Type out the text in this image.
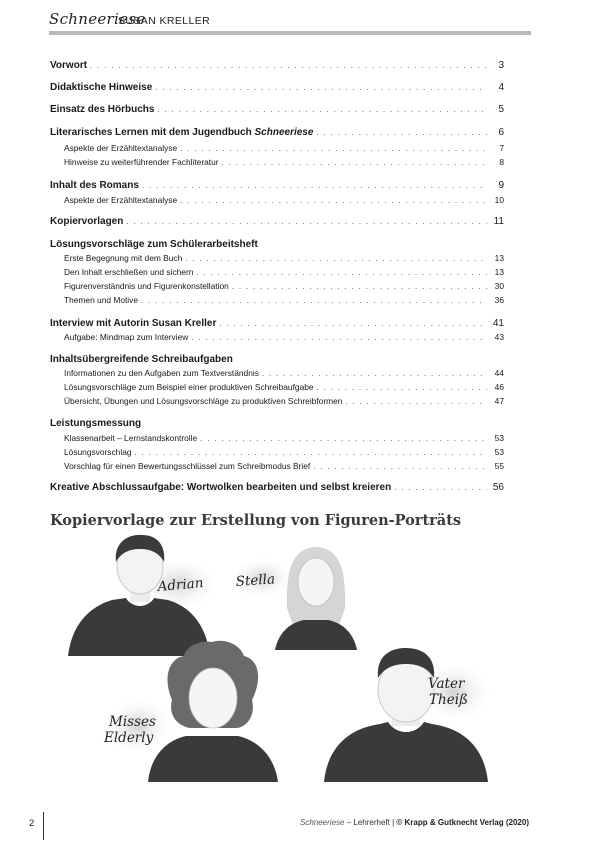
Schneeriese
SUSAN KRELLER
Vorwort . . .	3
Didaktische Hinweise . . .	4
Einsatz des Hörbuchs . . .	5
Literarisches Lernen mit dem Jugendbuch Schneeriese . . .	6
Aspekte der Erzähltextanalyse . . .	7
Hinweise zu weiterführender Fachliteratur . . .	8
Inhalt des Romans . . .	9
Aspekte der Erzähltextanalyse . . .	10
Kopiervorlagen . . .	11
Lösungsvorschläge zum Schülerarbeitsheft
Erste Begegnung mit dem Buch . . .	13
Den Inhalt erschließen und sichern . . .	13
Figurenverständnis und Figurenkonstellation . . .	30
Themen und Motive . . .	36
Interview mit Autorin Susan Kreller . . .	41
Aufgabe: Mindmap zum Interview . . .	43
Inhaltsübergreifende Schreibaufgaben
Informationen zu den Aufgaben zum Textverständnis . . .	44
Lösungsvorschläge zum Beispiel einer produktiven Schreibaufgabe . . .	46
Übersicht, Übungen und Lösungsvorschläge zu produktiven Schreibformen . . .	47
Leistungsmessung
Klassenarbeit – Lernstandskontrolle . . .	53
Lösungsvorschlag . . .	53
Vorschlag für einen Bewertungsschlüssel zum Schreibmodus Brief . . .	55
Kreative Abschlussaufgabe: Wortwolken bearbeiten und selbst kreieren . . .	56
Kopiervorlage zur Erstellung von Figuren-Porträts
Adrian Stella
Vater
Theiß
Misses
Elderly
2	Schneeriese – Lehrerheft | © Krapp & Gutknecht Verlag (2020)
